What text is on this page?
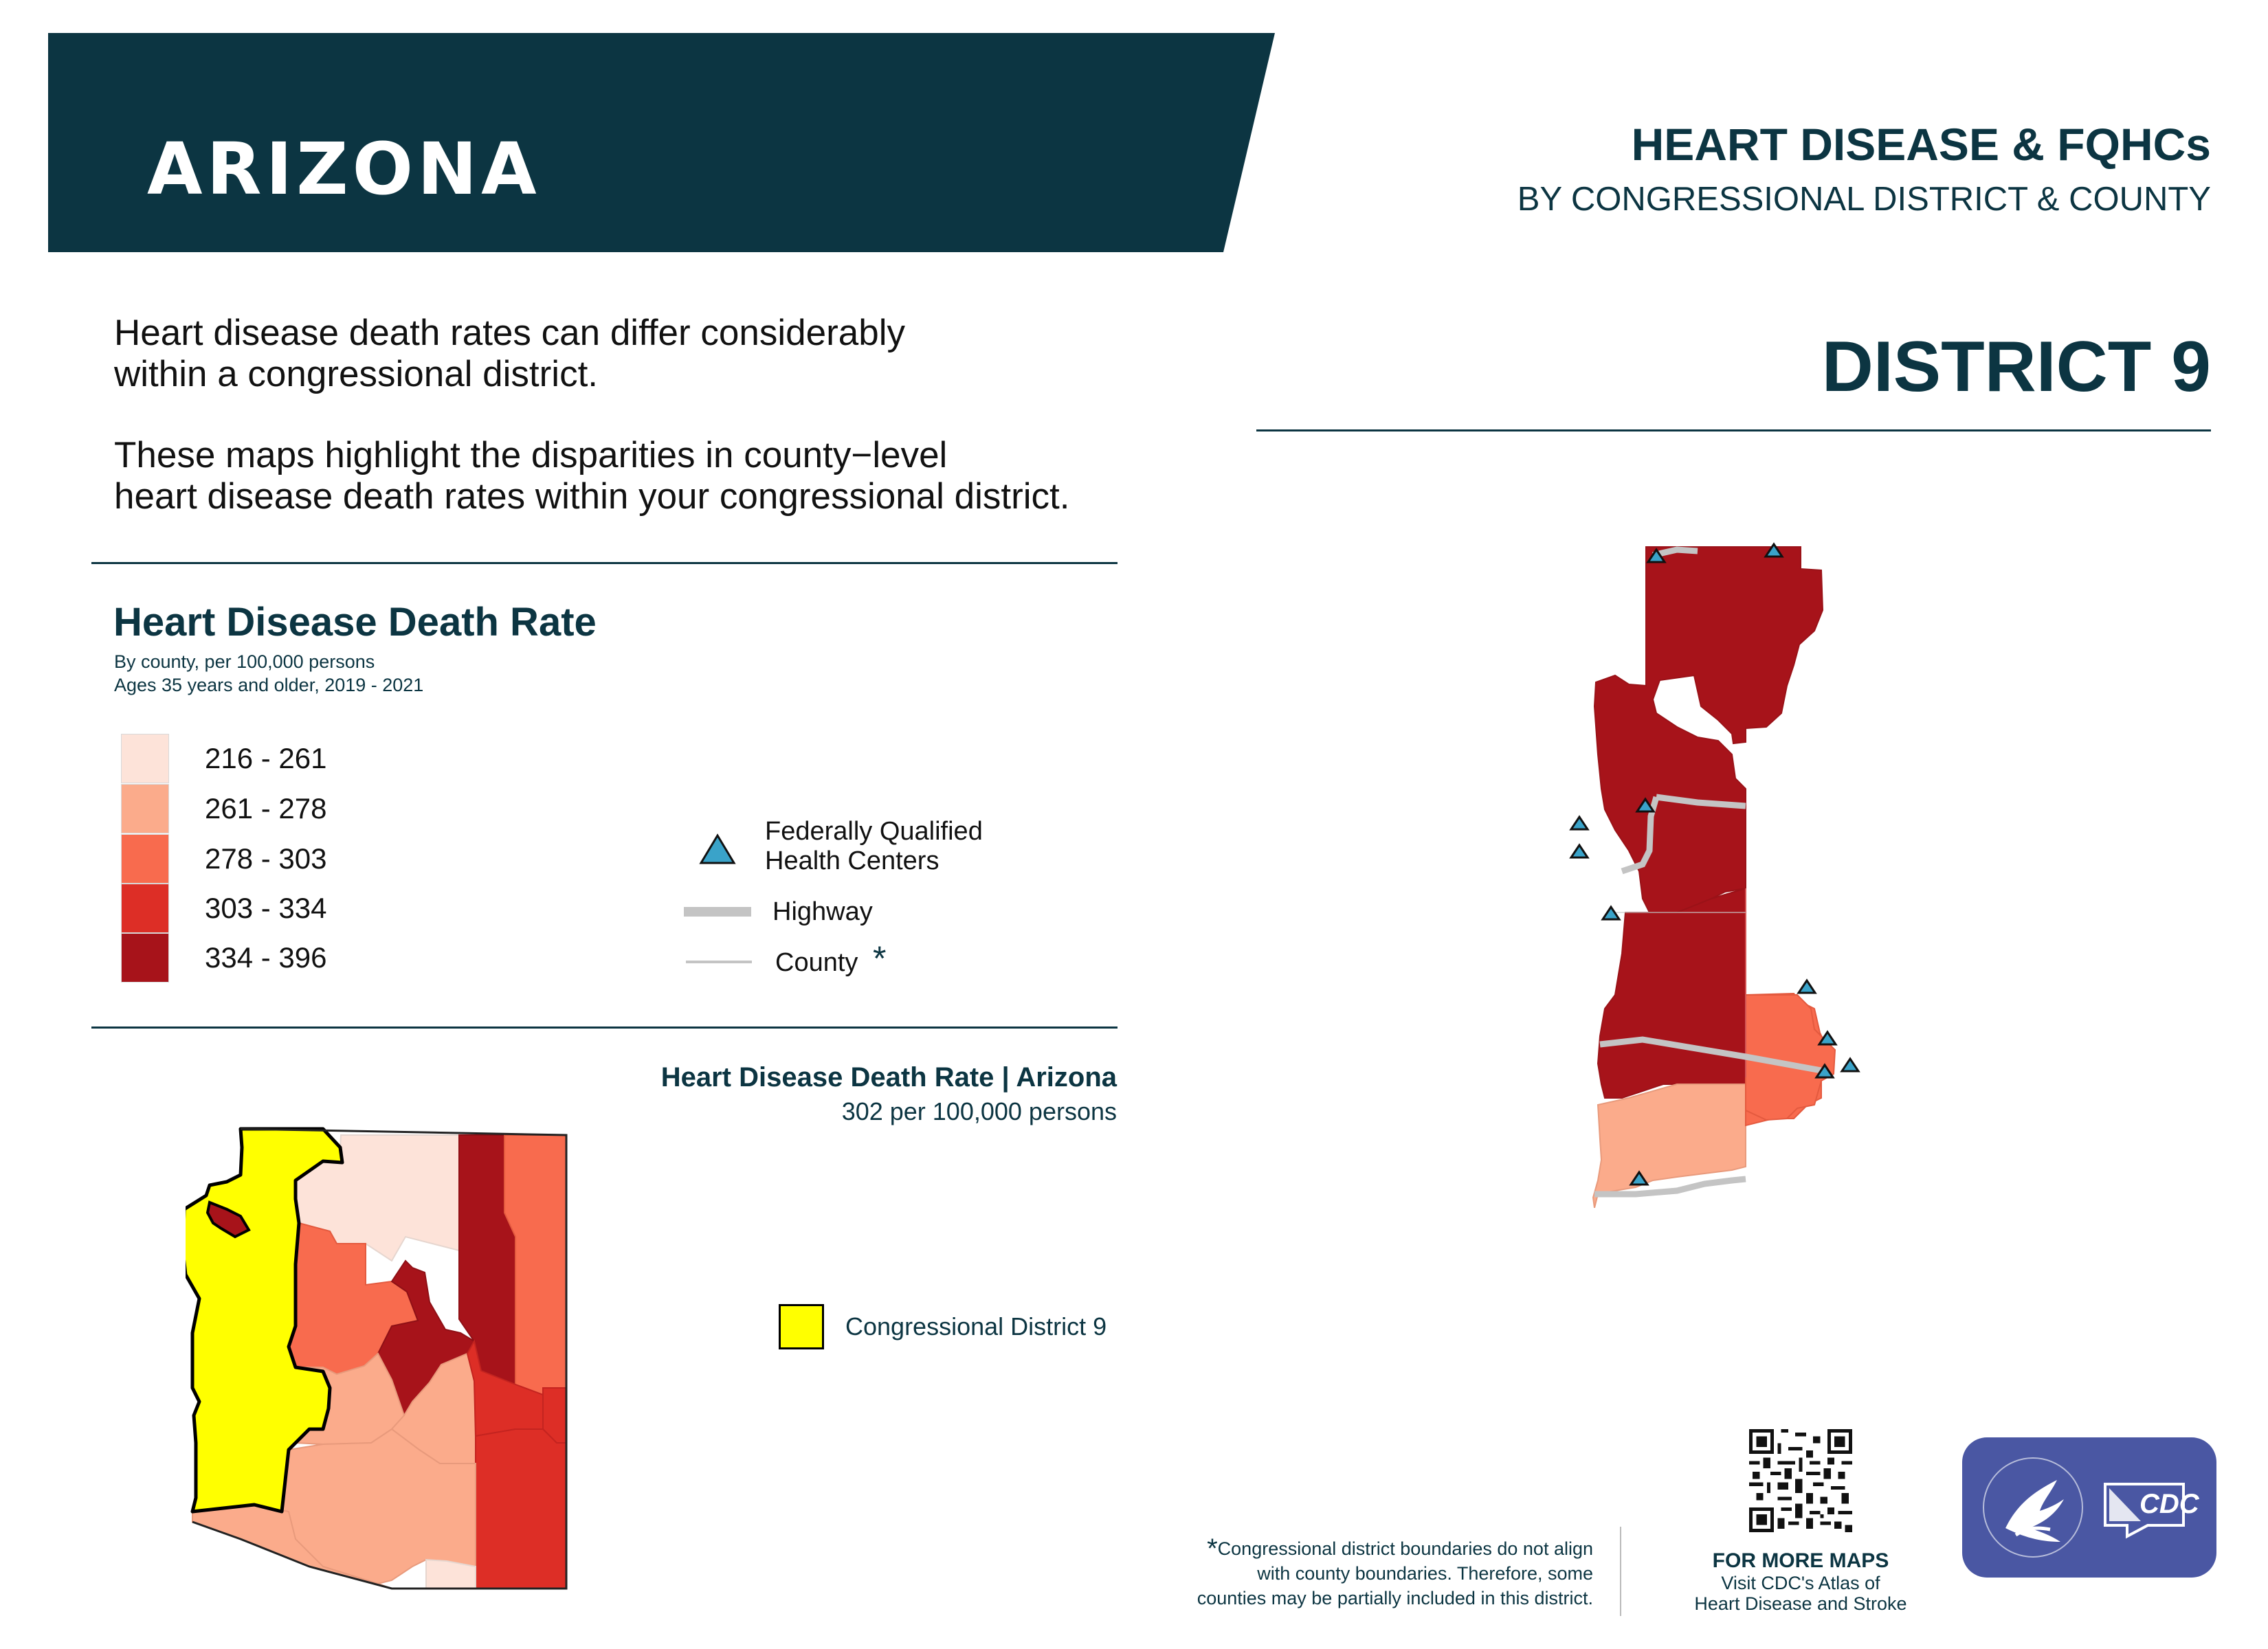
ARIZONA	HEART DISEASE & FQHCs
BY CONGRESSIONAL DISTRICT & COUNTY
DISTRICT 9
Heart disease death rates can differ considerably
within a congressional district.
These maps highlight the disparities in county−level
heart disease death rates within your congressional district.
Heart Disease Death Rate
By county, per 100,000 persons
Ages 35 years and older, 2019 - 2021
216 - 261
261 - 278
278 - 303
303 - 334
334 - 396
Federally Qualified
Health Centers
Highway
County *
Heart Disease Death Rate | Arizona
302 per 100,000 persons
Congressional District 9
*Congressional district boundaries do not align
with county boundaries. Therefore, some
counties may be partially included in this district.
FOR MORE MAPS
Visit CDC's Atlas of
Heart Disease and Stroke
CDC
